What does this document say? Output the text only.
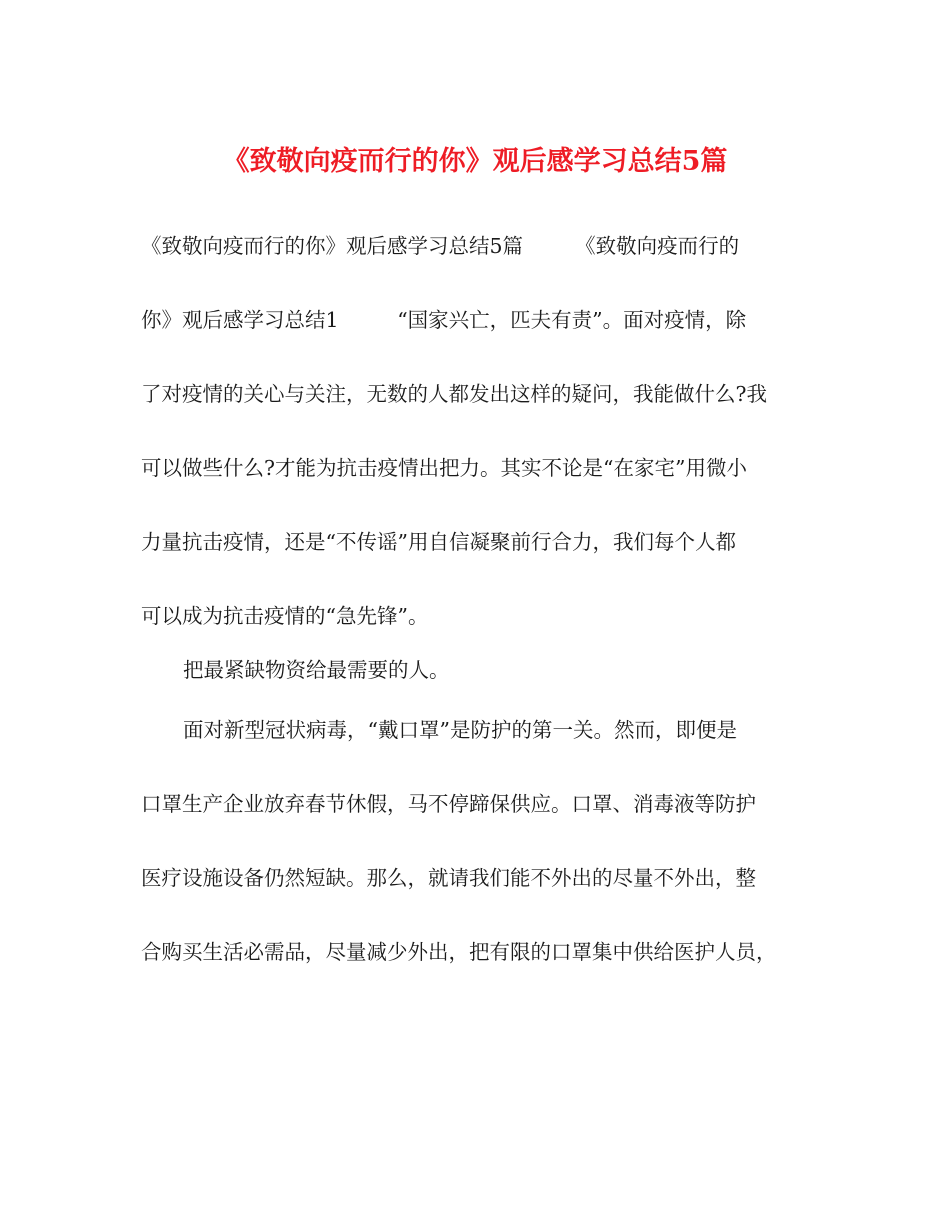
《致敬向疫而行的你》观后感学习总结5篇

《致敬向疫而行的你》观后感学习总结5篇        《致敬向疫而行的

你》观后感学习总结1         “国家兴亡，匹夫有责”。面对疫情，除

了对疫情的关心与关注，无数的人都发出这样的疑问，我能做什么?我

可以做些什么?才能为抗击疫情出把力。其实不论是“在家宅”用微小

力量抗击疫情，还是“不传谣”用自信凝聚前行合力，我们每个人都

可以成为抗击疫情的“急先锋”。

把最紧缺物资给最需要的人。

面对新型冠状病毒，“戴口罩”是防护的第一关。然而，即便是

口罩生产企业放弃春节休假，马不停蹄保供应。口罩、消毒液等防护

医疗设施设备仍然短缺。那么，就请我们能不外出的尽量不外出，整

合购买生活必需品，尽量减少外出，把有限的口罩集中供给医护人员，
